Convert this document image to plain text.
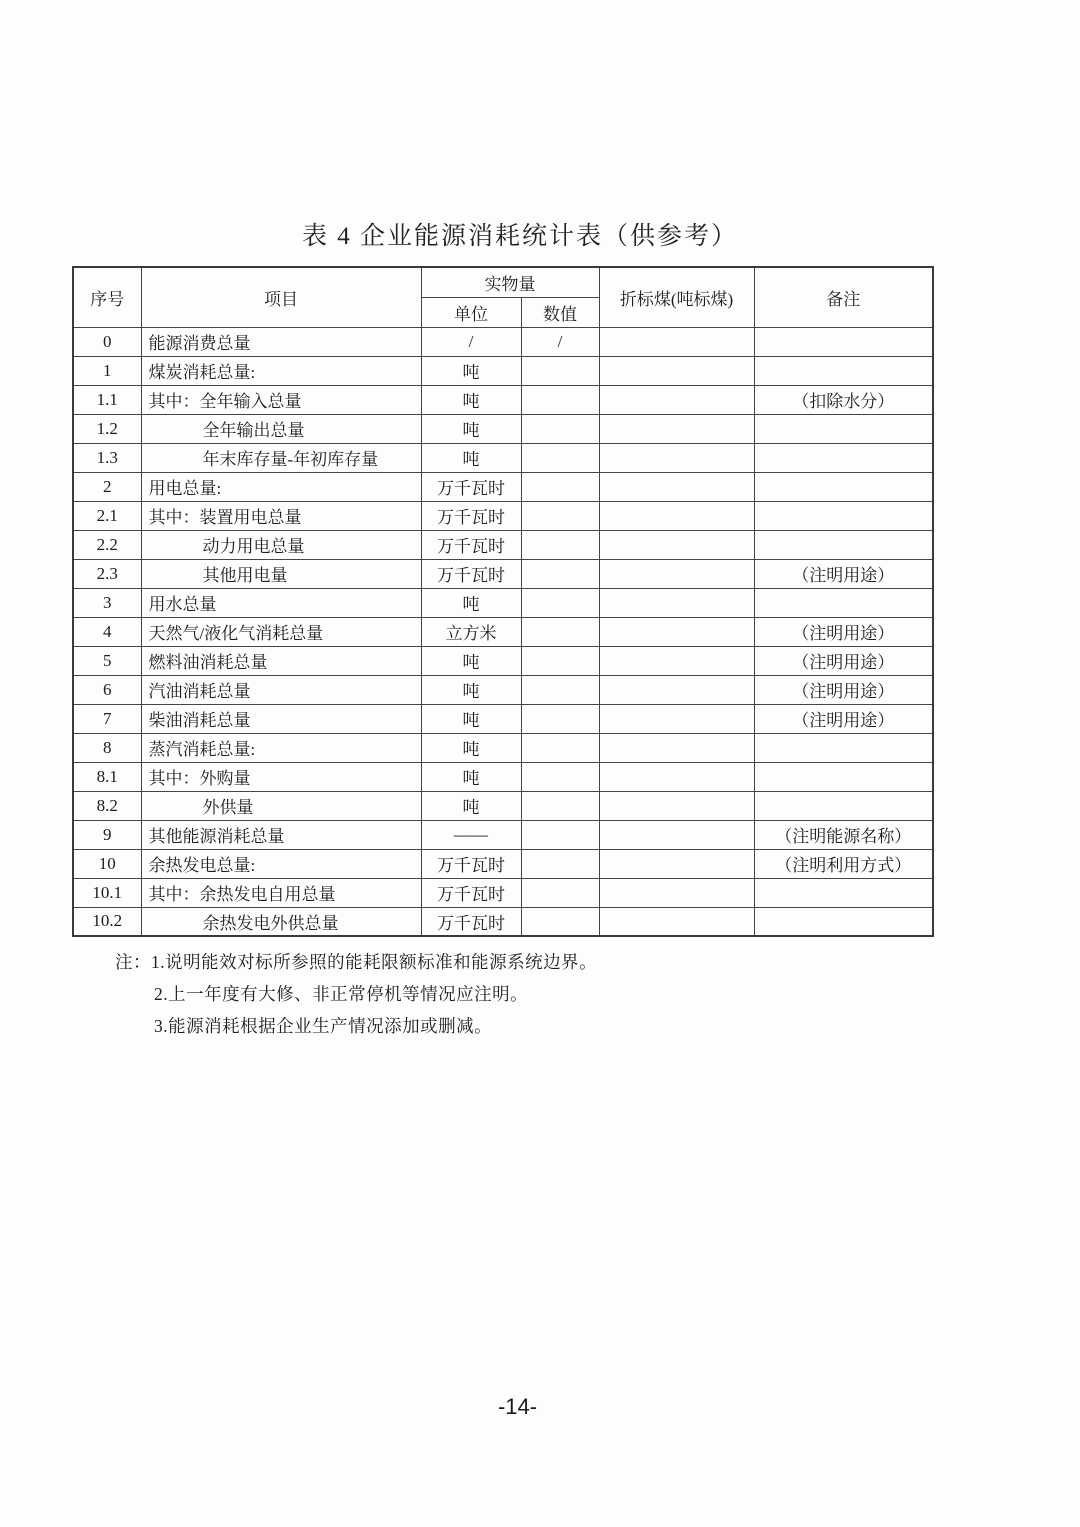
表 4 企业能源消耗统计表（供参考）
序号	项目	实物量		折标煤(吨标煤)	备注
		单位	数值		
0	能源消费总量	/	/		
1	煤炭消耗总量:	吨			
1.1	其中：全年输入总量	吨			（扣除水分）
1.2	全年输出总量	吨			
1.3	年末库存量-年初库存量	吨			
2	用电总量:	万千瓦时			
2.1	其中：装置用电总量	万千瓦时			
2.2	动力用电总量	万千瓦时			
2.3	其他用电量	万千瓦时			（注明用途）
3	用水总量	吨			
4	天然气/液化气消耗总量	立方米			（注明用途）
5	燃料油消耗总量	吨			（注明用途）
6	汽油消耗总量	吨			（注明用途）
7	柴油消耗总量	吨			（注明用途）
8	蒸汽消耗总量:	吨			
8.1	其中：外购量	吨			
8.2	外供量	吨			
9	其他能源消耗总量	——			（注明能源名称）
10	余热发电总量:	万千瓦时			（注明利用方式）
10.1	其中：余热发电自用总量	万千瓦时			
10.2	余热发电外供总量	万千瓦时			
注：1.说明能效对标所参照的能耗限额标准和能源系统边界。
2.上一年度有大修、非正常停机等情况应注明。
3.能源消耗根据企业生产情况添加或删减。
-14-
